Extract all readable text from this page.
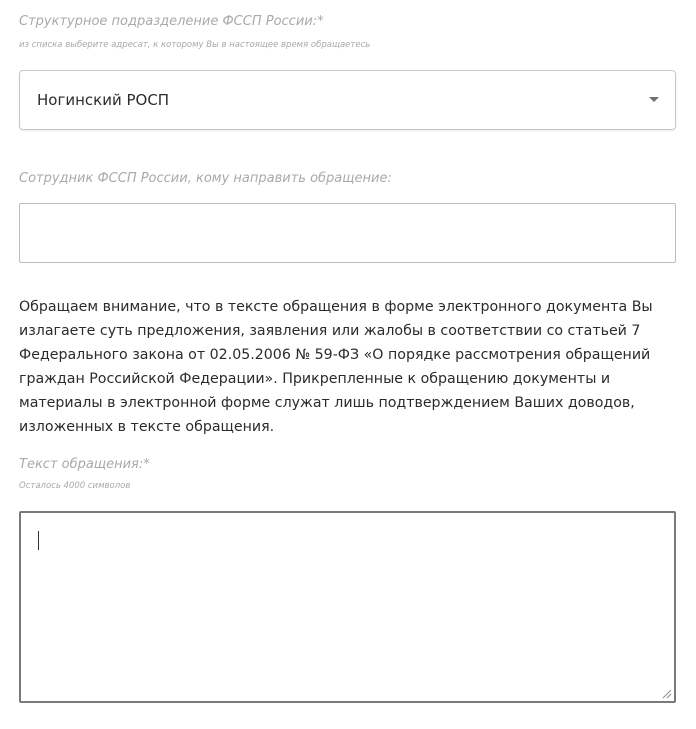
Структурное подразделение ФССП России:*
из списка выберите адресат, к которому Вы в настоящее время обращаетесь
Ногинский РОСП
Сотрудник ФССП России, кому направить обращение:
Обращаем внимание, что в тексте обращения в форме электронного документа Вы
излагаете суть предложения, заявления или жалобы в соответствии со статьей 7
Федерального закона от 02.05.2006 № 59-ФЗ «О порядке рассмотрения обращений
граждан Российской Федерации». Прикрепленные к обращению документы и
материалы в электронной форме служат лишь подтверждением Ваших доводов,
изложенных в тексте обращения.
Текст обращения:*
Осталось 4000 символов
